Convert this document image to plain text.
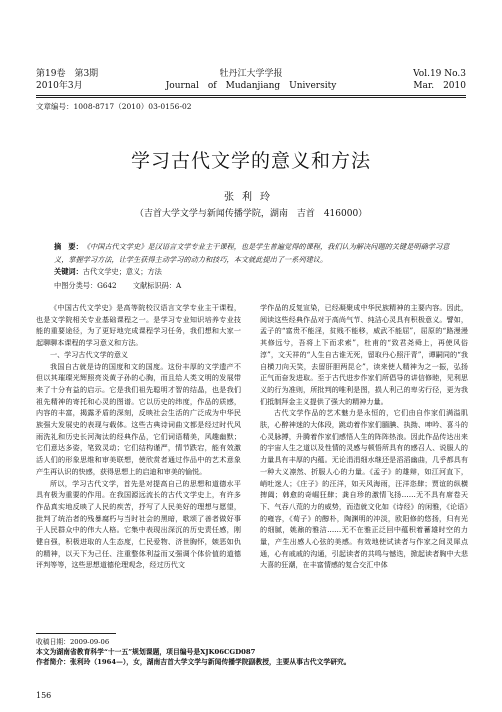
第19卷　第3期	牡丹江大学学报	Vol.19 No.3
2010年3月	Journal　of　Mudanjiang　University	Mar.　2010
文章编号：1008-8717（2010）03-0156-02
学习古代文学的意义和方法
张利玲
（吉首大学文学与新闻传播学院，湖南　吉首　416000）
摘　要：《中国古代文学史》是汉语言文学专业主干课程，也是学生普遍觉得的课程，我们认为解决问题的关键是明确学习意义，掌握学习方法，让学生获得主动学习的动力和技巧，本文就此提出了一系列建议。
关键词：古代文学史；意义；方法
中图分类号：G642 文献标识码：A

《中国古代文学史》是高等院校汉语言文学专业主干课程，也是文学院相关专业基础课程之一。是学习专业知识培养专业技能的重要途径，为了更好地完成课程学习任务，我们想和大家一起聊聊本课程的学习意义和方法。

一、学习古代文学的意义

我国自古就是诗的国度和文的国度。这份丰厚的文学遗产不但以其璀璨光辉照亮炎黄子孙的心胸，而且给人类文明的发展带来了十分有益的启示。它是我们祖先聪明才智的结晶，也是我们祖先精神的寄托和心灵的图谱。它以历史的纬度，作品的质感，内容的丰富，揭露矛盾的深刻，反映社会生活的广泛成为中华民族强大发展史的表现与载体。这些古典诗词曲文都是经过时代风雨洗礼和历史长河淘汰的经典作品，它们词语精美，风趣幽默；它们意达多姿，笔致灵动；它们结构谨严，情节跌宕，能有效激活人们的形象思维和审美联想，使欣赏者通过作品中的艺术意象产生再认识的快感，获得思想上的启迪和审美的愉悦。

所以，学习古代文学，首先是对提高自己的思想和道德水平具有极为重要的作用。在我国源远流长的古代文学史上，有许多作品真实地反映了人民的疾苦，抒写了人民美好的理想与愿望，批判了统治者的残暴腐朽与当时社会的黑暗，歌颂了善者做好事于人民群众中的伟大人格。它集中表现出深沉的历史责任感，刚健自强，积极进取的人生态度，仁民爱物、济世胸怀，嫉恶如仇的精神，以天下为己任、注重整体利益而又强调个体价值的道德评判等等，这些思想道德伦理观念，经过历代文

学作品的反复宣染，已经凝聚成中华民族精神的主要内容。因此，阅读这些经典作品对于高尚气节、纯洁心灵具有积极意义。譬如，孟子的“富贵不能淫，贫贱不能移，威武不能屈”，屈原的“路漫漫其修远兮，吾将上下而求索”，杜甫的“致君尧舜上，再使风俗淳”，文天祥的“人生自古谁无死，留取丹心照汗青”，谭嗣同的“我自横刀向天笑，去留肝胆两昆仑”，读来使人精神为之一振，弘扬正气而奋发进取。至于古代进步作家们所倡导的讲信修睦，见利思义的行为准则，所批判的唯利是图，损人利己的卑劣行径，更为我们抵制拜金主义提供了强大的精神力量。

古代文学作品的艺术魅力是永恒的，它们由自作家们满溢肌肤，心醉神迷的大体段，跳动着作家们腼腆、执拗、呻吟、喜斗的心灵脉搏，升腾着作家们感悟人生的阵阵热浪。因此作品传达出来的宇宙人生之道以及性情的灵感与顿悟所具有的感召人、说服人的力量具有丰厚的内蕴。无论涓涓细水继还是滔滔幽曲，几乎都具有一种大义凛然、折服人心的力量。《孟子》的雄辩，如江河直下，峭吐迷人；《庄子》的汪洋，如天风海雨，汪洋恣肆；贾谊的纵横捭阖；韩愈的奇崛狂肆；龚自珍的激情飞扬……无不具有席卷天下、气吞八荒的力的威势，而造就文化如《诗经》的闲雅，《论语》的雍容，《荀子》的醇朴，陶渊明的冲淡，欧阳修的悠扬，归有光的细腻，姚鼐的雅洁……无不在雅正泛回中蕴积着蓄雄时空的力量，产生出感人心弦的美感。有效地使试读者与作家之间灵犀点通，心有戚戚的沟通，引起读者的共鸣与憾迭，掀起读者胸中大悲大喜的狂潮，在丰富情感的复合交汇中体

收稿日期：2009-09-06
本文为湖南省教育科学“十一五”规划课题，项目编号是XJK06CGD087
作者简介：张利玲（1964—），女，湖南吉首大学文学与新闻传播学院副教授，主要从事古代文学研究。
156
